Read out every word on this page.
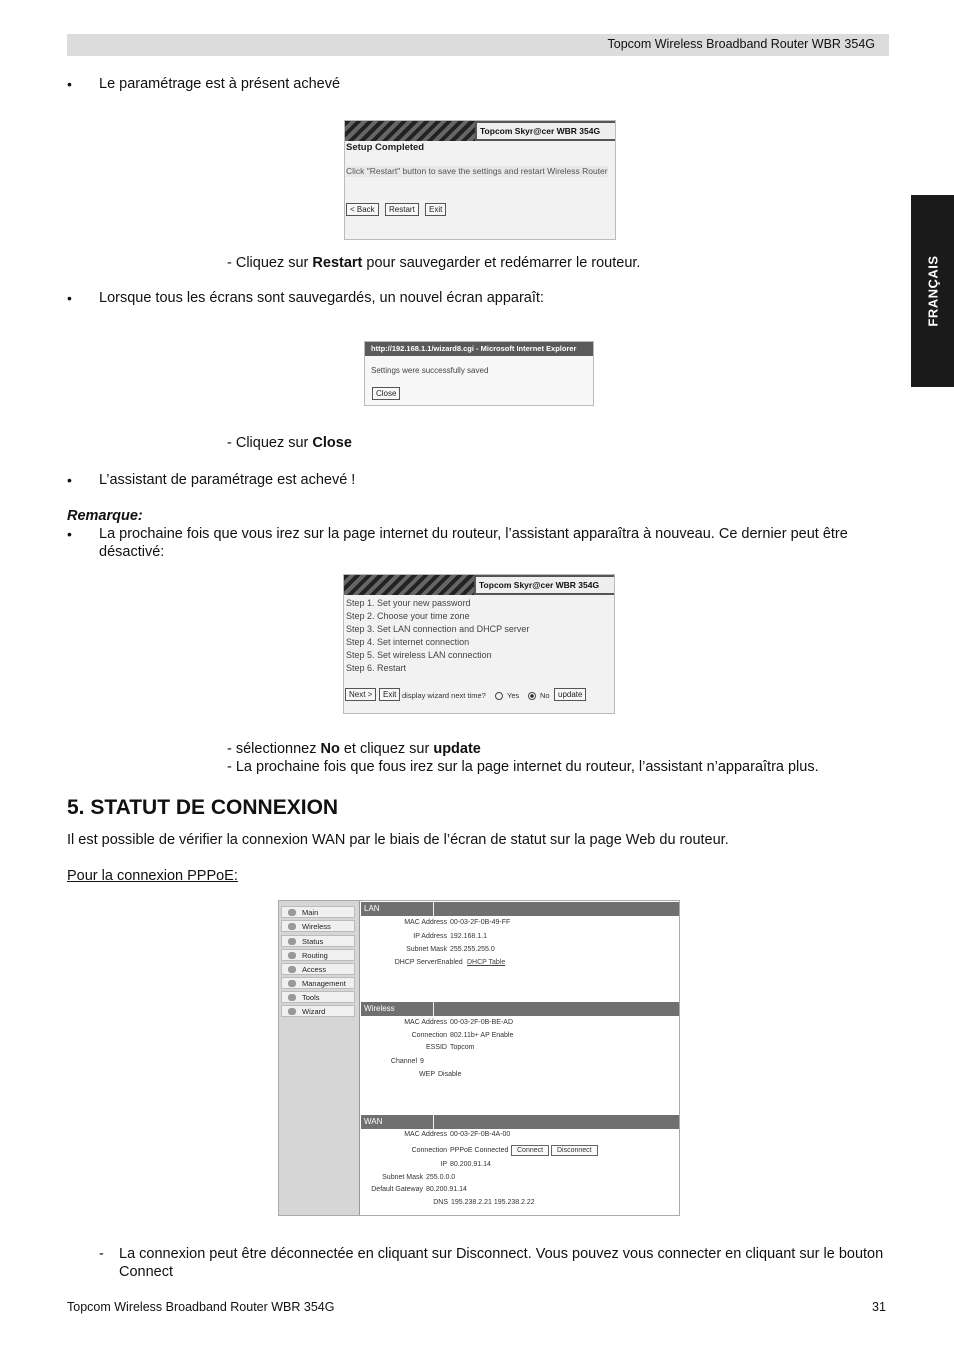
Topcom Wireless Broadband Router WBR 354G
FRANÇAIS
• Le paramétrage est à présent achevé
Topcom Skyr@cer WBR 354G
Setup Completed
Click "Restart" button to save the settings and restart Wireless Router
< Back	Restart	Exit
- Cliquez sur Restart pour sauvegarder et redémarrer le routeur.
• Lorsque tous les écrans sont sauvegardés, un nouvel écran apparaît:
http://192.168.1.1/wizard8.cgi - Microsoft Internet Explorer
Settings were successfully saved
Close
- Cliquez sur Close
• L’assistant de paramétrage est achevé !
Remarque:
• La prochaine fois que vous irez sur la page internet du routeur, l’assistant apparaîtra à nouveau. Ce dernier peut être désactivé:
Topcom Skyr@cer WBR 354G
Step 1. Set your new password
Step 2. Choose your time zone
Step 3. Set LAN connection and DHCP server
Step 4. Set internet connection
Step 5. Set wireless LAN connection
Step 6. Restart
Next >	Exit display wizard next time?	Yes	No	update
- sélectionnez No et cliquez sur update
- La prochaine fois que fous irez sur la page internet du routeur, l’assistant n’apparaîtra plus.
5. STATUT DE CONNEXION
Il est possible de vérifier la connexion WAN par le biais de l’écran de statut sur la page Web du routeur.
Pour la connexion PPPoE:
Main
Wireless
Status
Routing
Access
Management
Tools
Wizard
LAN
MAC Address 00-03-2F-0B-49-FF
IP Address 192.168.1.1
Subnet Mask 255.255.255.0
DHCP Server Enabled DHCP Table
Wireless
MAC Address 00-03-2F-0B-BE-AD
Connection 802.11b+ AP Enable
ESSID Topcom
Channel 9
WEP Disable
WAN
MAC Address 00-03-2F-0B-4A-00
Connection PPPoE Connected	Connect	Disconnect
IP 80.200.91.14
Subnet Mask 255.0.0.0
Default Gateway 80.200.91.14
DNS 195.238.2.21 195.238.2.22
- La connexion peut être déconnectée en cliquant sur Disconnect. Vous pouvez vous connecter en cliquant sur le bouton Connect
Topcom Wireless Broadband Router WBR 354G	31
